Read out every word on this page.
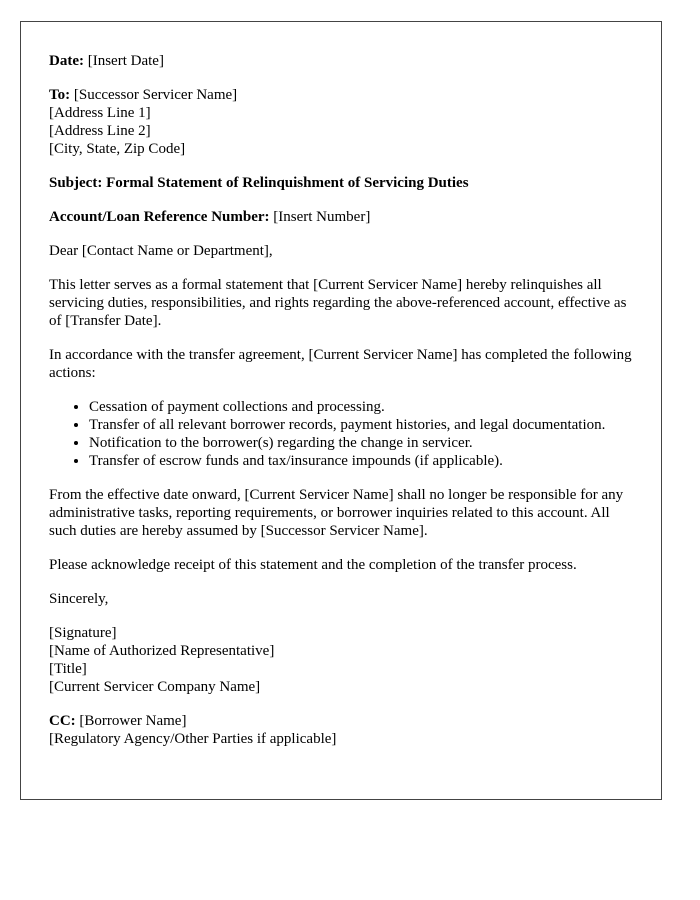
Date: [Insert Date]

To: [Successor Servicer Name]
[Address Line 1]
[Address Line 2]
[City, State, Zip Code]

Subject: Formal Statement of Relinquishment of Servicing Duties

Account/Loan Reference Number: [Insert Number]

Dear [Contact Name or Department],

This letter serves as a formal statement that [Current Servicer Name] hereby relinquishes all servicing duties, responsibilities, and rights regarding the above-referenced account, effective as of [Transfer Date].

In accordance with the transfer agreement, [Current Servicer Name] has completed the following actions:

• Cessation of payment collections and processing.
• Transfer of all relevant borrower records, payment histories, and legal documentation.
• Notification to the borrower(s) regarding the change in servicer.
• Transfer of escrow funds and tax/insurance impounds (if applicable).

From the effective date onward, [Current Servicer Name] shall no longer be responsible for any administrative tasks, reporting requirements, or borrower inquiries related to this account. All such duties are hereby assumed by [Successor Servicer Name].

Please acknowledge receipt of this statement and the completion of the transfer process.

Sincerely,

[Signature]
[Name of Authorized Representative]
[Title]
[Current Servicer Company Name]

CC: [Borrower Name]
[Regulatory Agency/Other Parties if applicable]
